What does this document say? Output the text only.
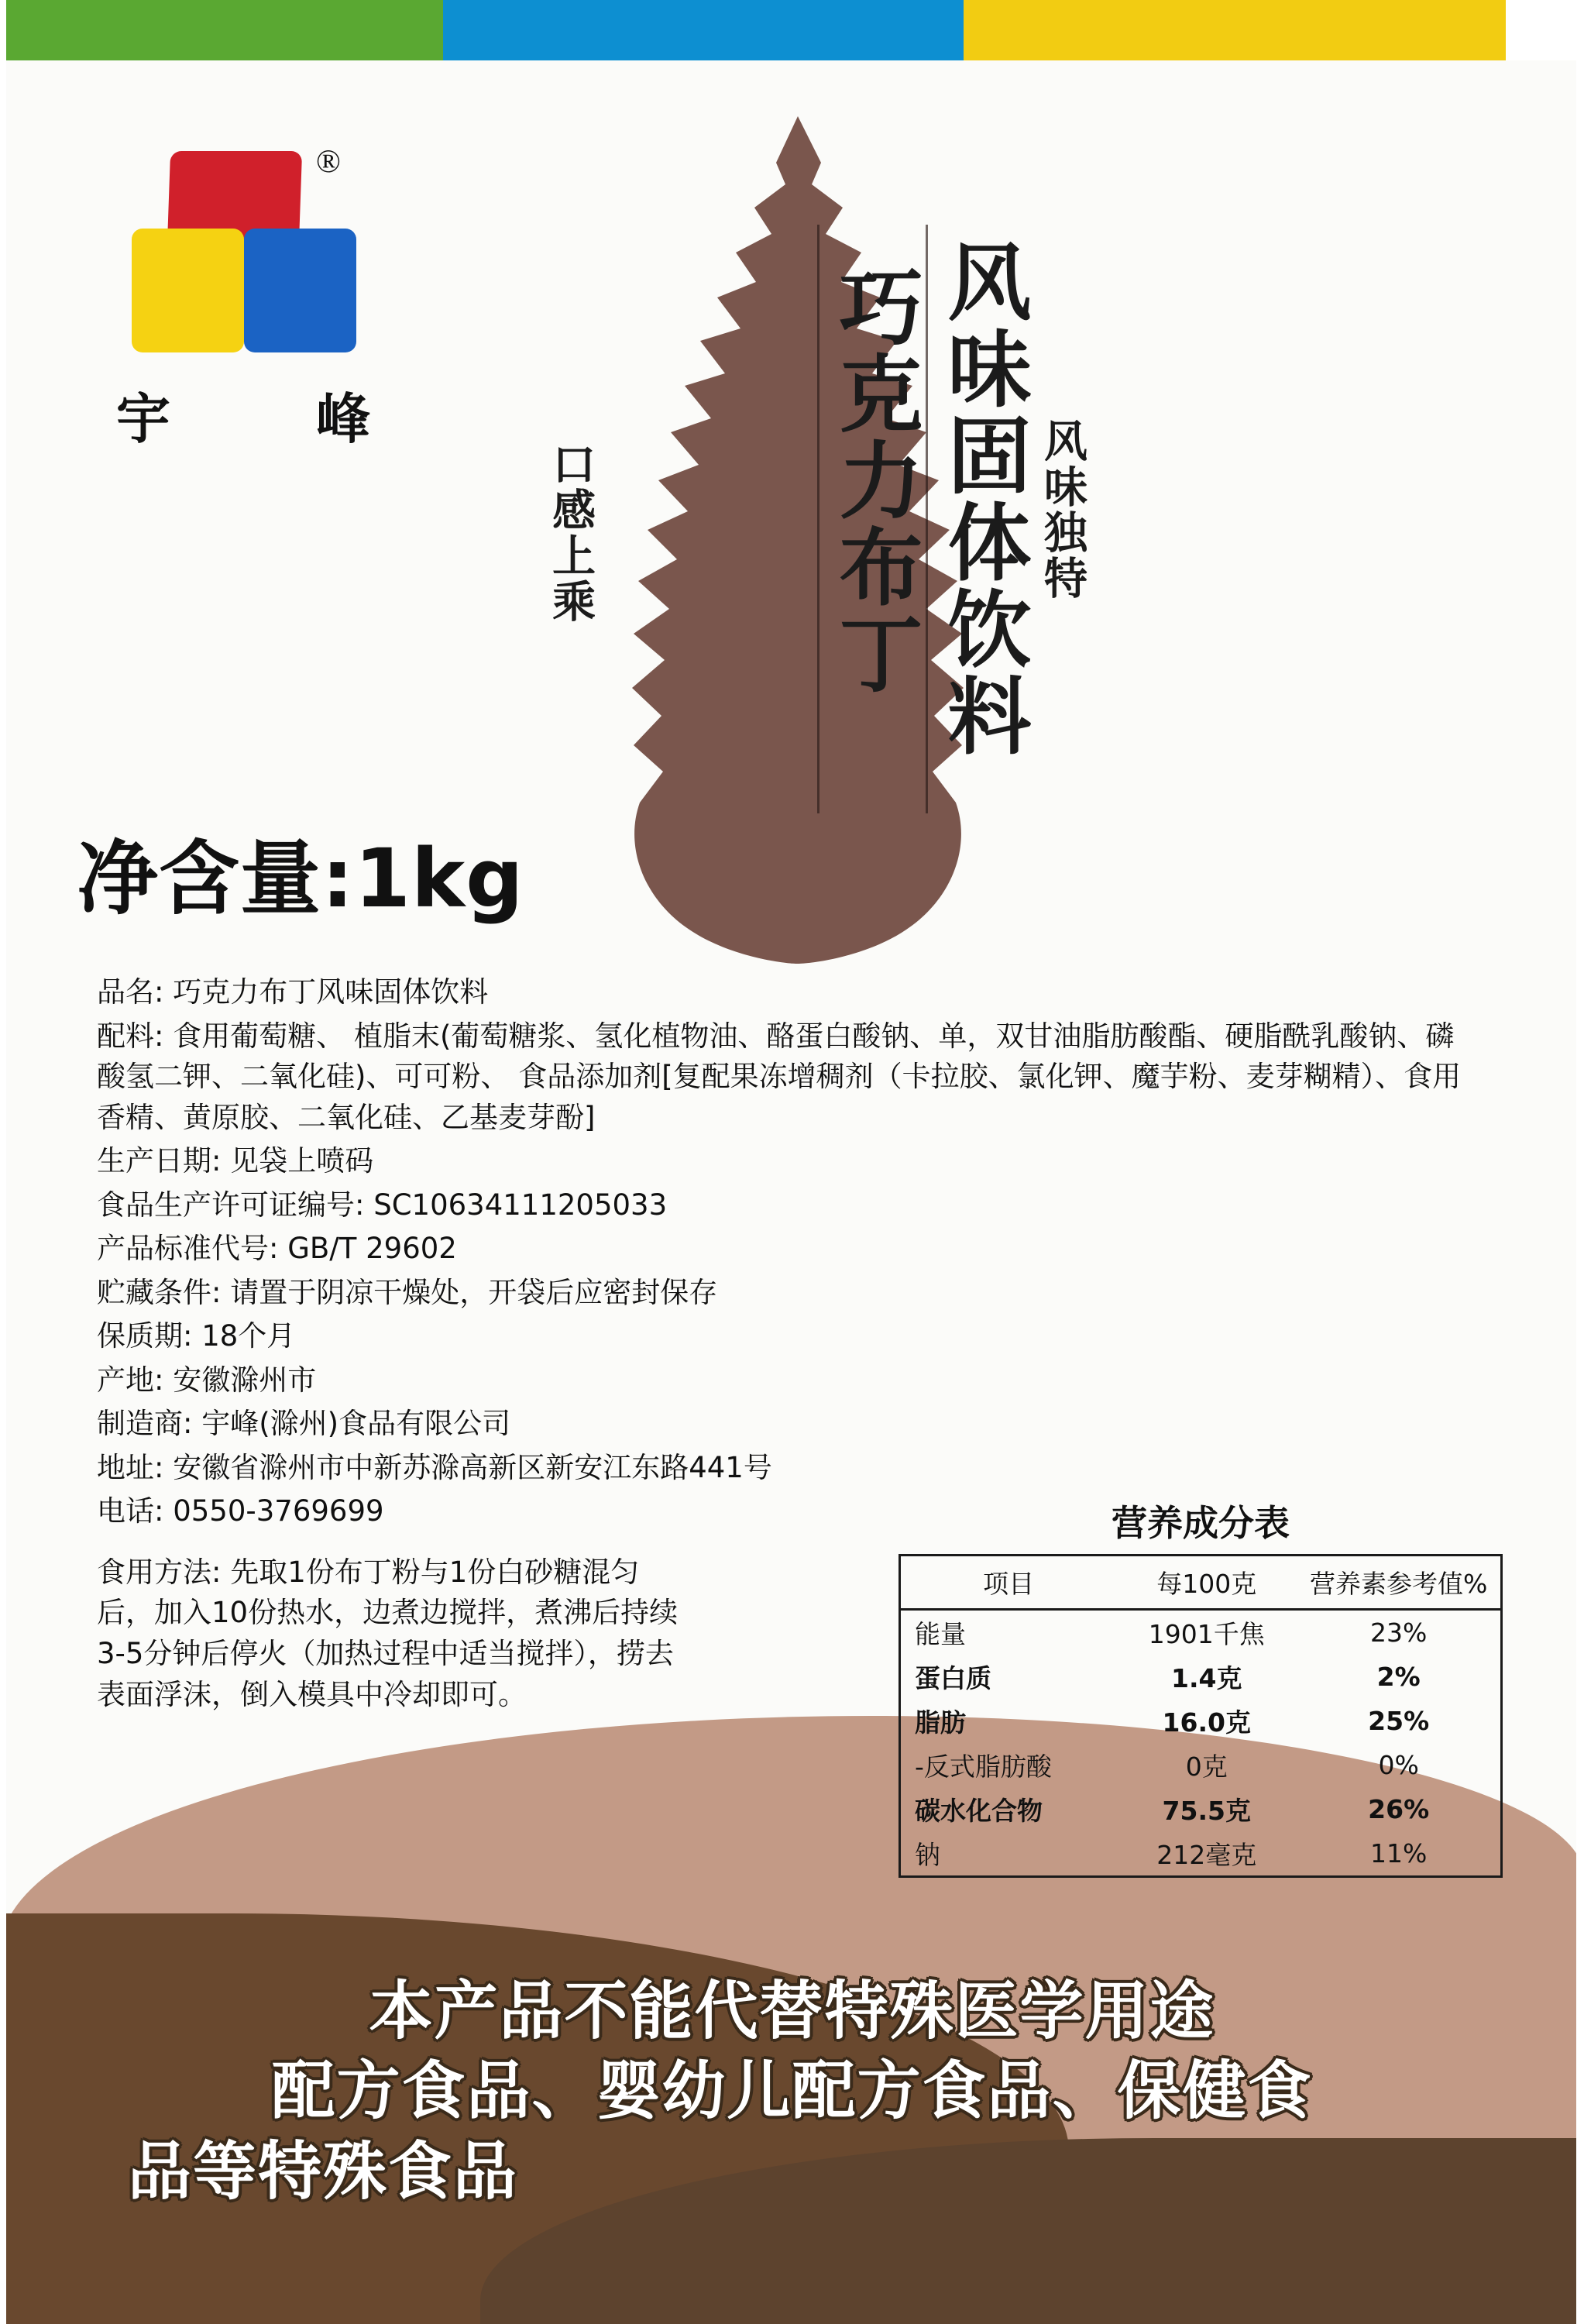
®
宇	峰	风味固体饮料
巧克力布丁	风味独特
口感上乘
净含量:1kg

品名: 巧克力布丁风味固体饮料

配料: 食用葡萄糖、 植脂末(葡萄糖浆、氢化植物油、酪蛋白酸钠、单，双甘油脂肪酸酯、硬脂酰乳酸钠、磷酸氢二钾、二氧化硅)、可可粉、 食品添加剂[复配果冻增稠剂（卡拉胶、氯化钾、魔芋粉、麦芽糊精）、食用香精、黄原胶、二氧化硅、乙基麦芽酚]

生产日期: 见袋上喷码

食品生产许可证编号: SC10634111205033

产品标准代号: GB/T 29602

贮藏条件: 请置于阴凉干燥处，开袋后应密封保存

保质期: 18个月

产地: 安徽滁州市

制造商: 宇峰(滁州)食品有限公司

地址: 安徽省滁州市中新苏滁高新区新安江东路441号

电话: 0550-3769699

食用方法: 先取1份布丁粉与1份白砂糖混匀后，加入10份热水，边煮边搅拌，煮沸后持续3-5分钟后停火（加热过程中适当搅拌），捞去表面浮沫，倒入模具中冷却即可。

营养成分表
项目	每100克	营养素参考值%
能量	1901千焦	23%
蛋白质	1.4克	2%
脂肪	16.0克	25%
-反式脂肪酸	0克	0%
碳水化合物	75.5克	26%
钠	212毫克	11%
本产品不能代替特殊医学用途
配方食品、婴幼儿配方食品、保健食
品等特殊食品
